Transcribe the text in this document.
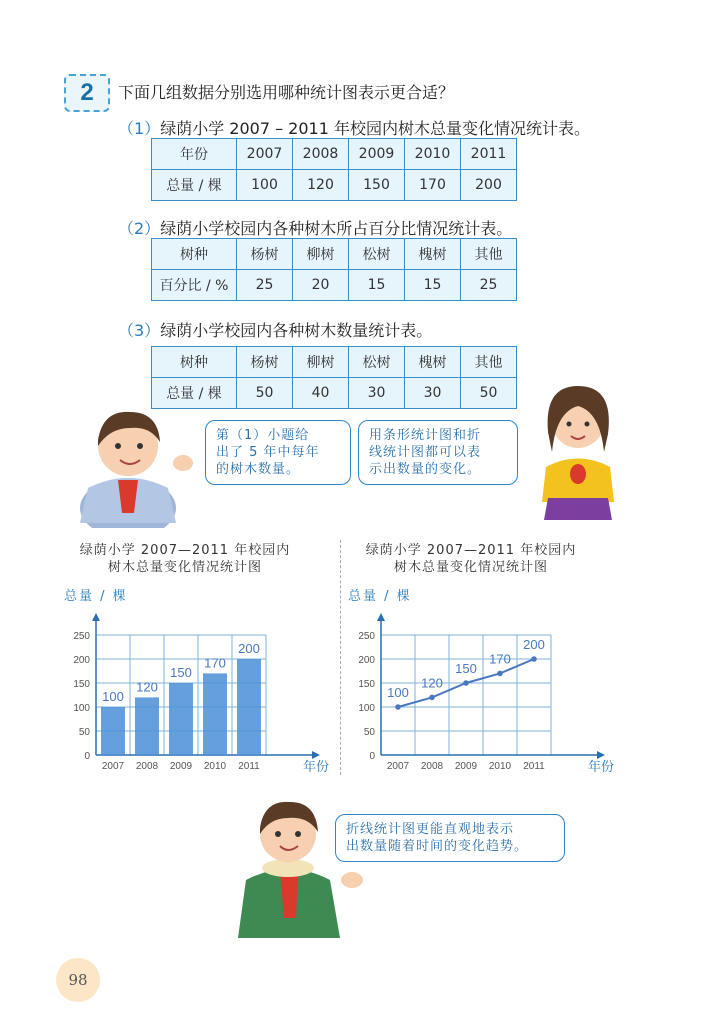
2 下面几组数据分别选用哪种统计图表示更合适？
（1）绿荫小学 2007 – 2011 年校园内树木总量变化情况统计表。
年份	2007	2008	2009	2010	2011
总量 / 棵	100	120	150	170	200
（2）绿荫小学校园内各种树木所占百分比情况统计表。
树种	杨树	柳树	松树	槐树	其他
百分比 / %	25	20	15	15	25
（3）绿荫小学校园内各种树木数量统计表。
树种	杨树	柳树	松树	槐树	其他
总量 / 棵	50	40	30	30	50
第（1）小题给
出了 5 年中每年
的树木数量。
用条形统计图和折
线统计图都可以表
示出数量的变化。
绿荫小学 2007—2011 年校园内
树木总量变化情况统计图
总量 / 棵
绿荫小学 2007—2011 年校园内
树木总量变化情况统计图
总量 / 棵
0
50
100
150
200
250
年份
2007 2008 2009 2010 2011
100
120
150
170
200
0
50
100
150
200
250
年份
2007 2008 2009 2010 2011
100
120
150
170
200
折线统计图更能直观地表示
出数量随着时间的变化趋势。
98
